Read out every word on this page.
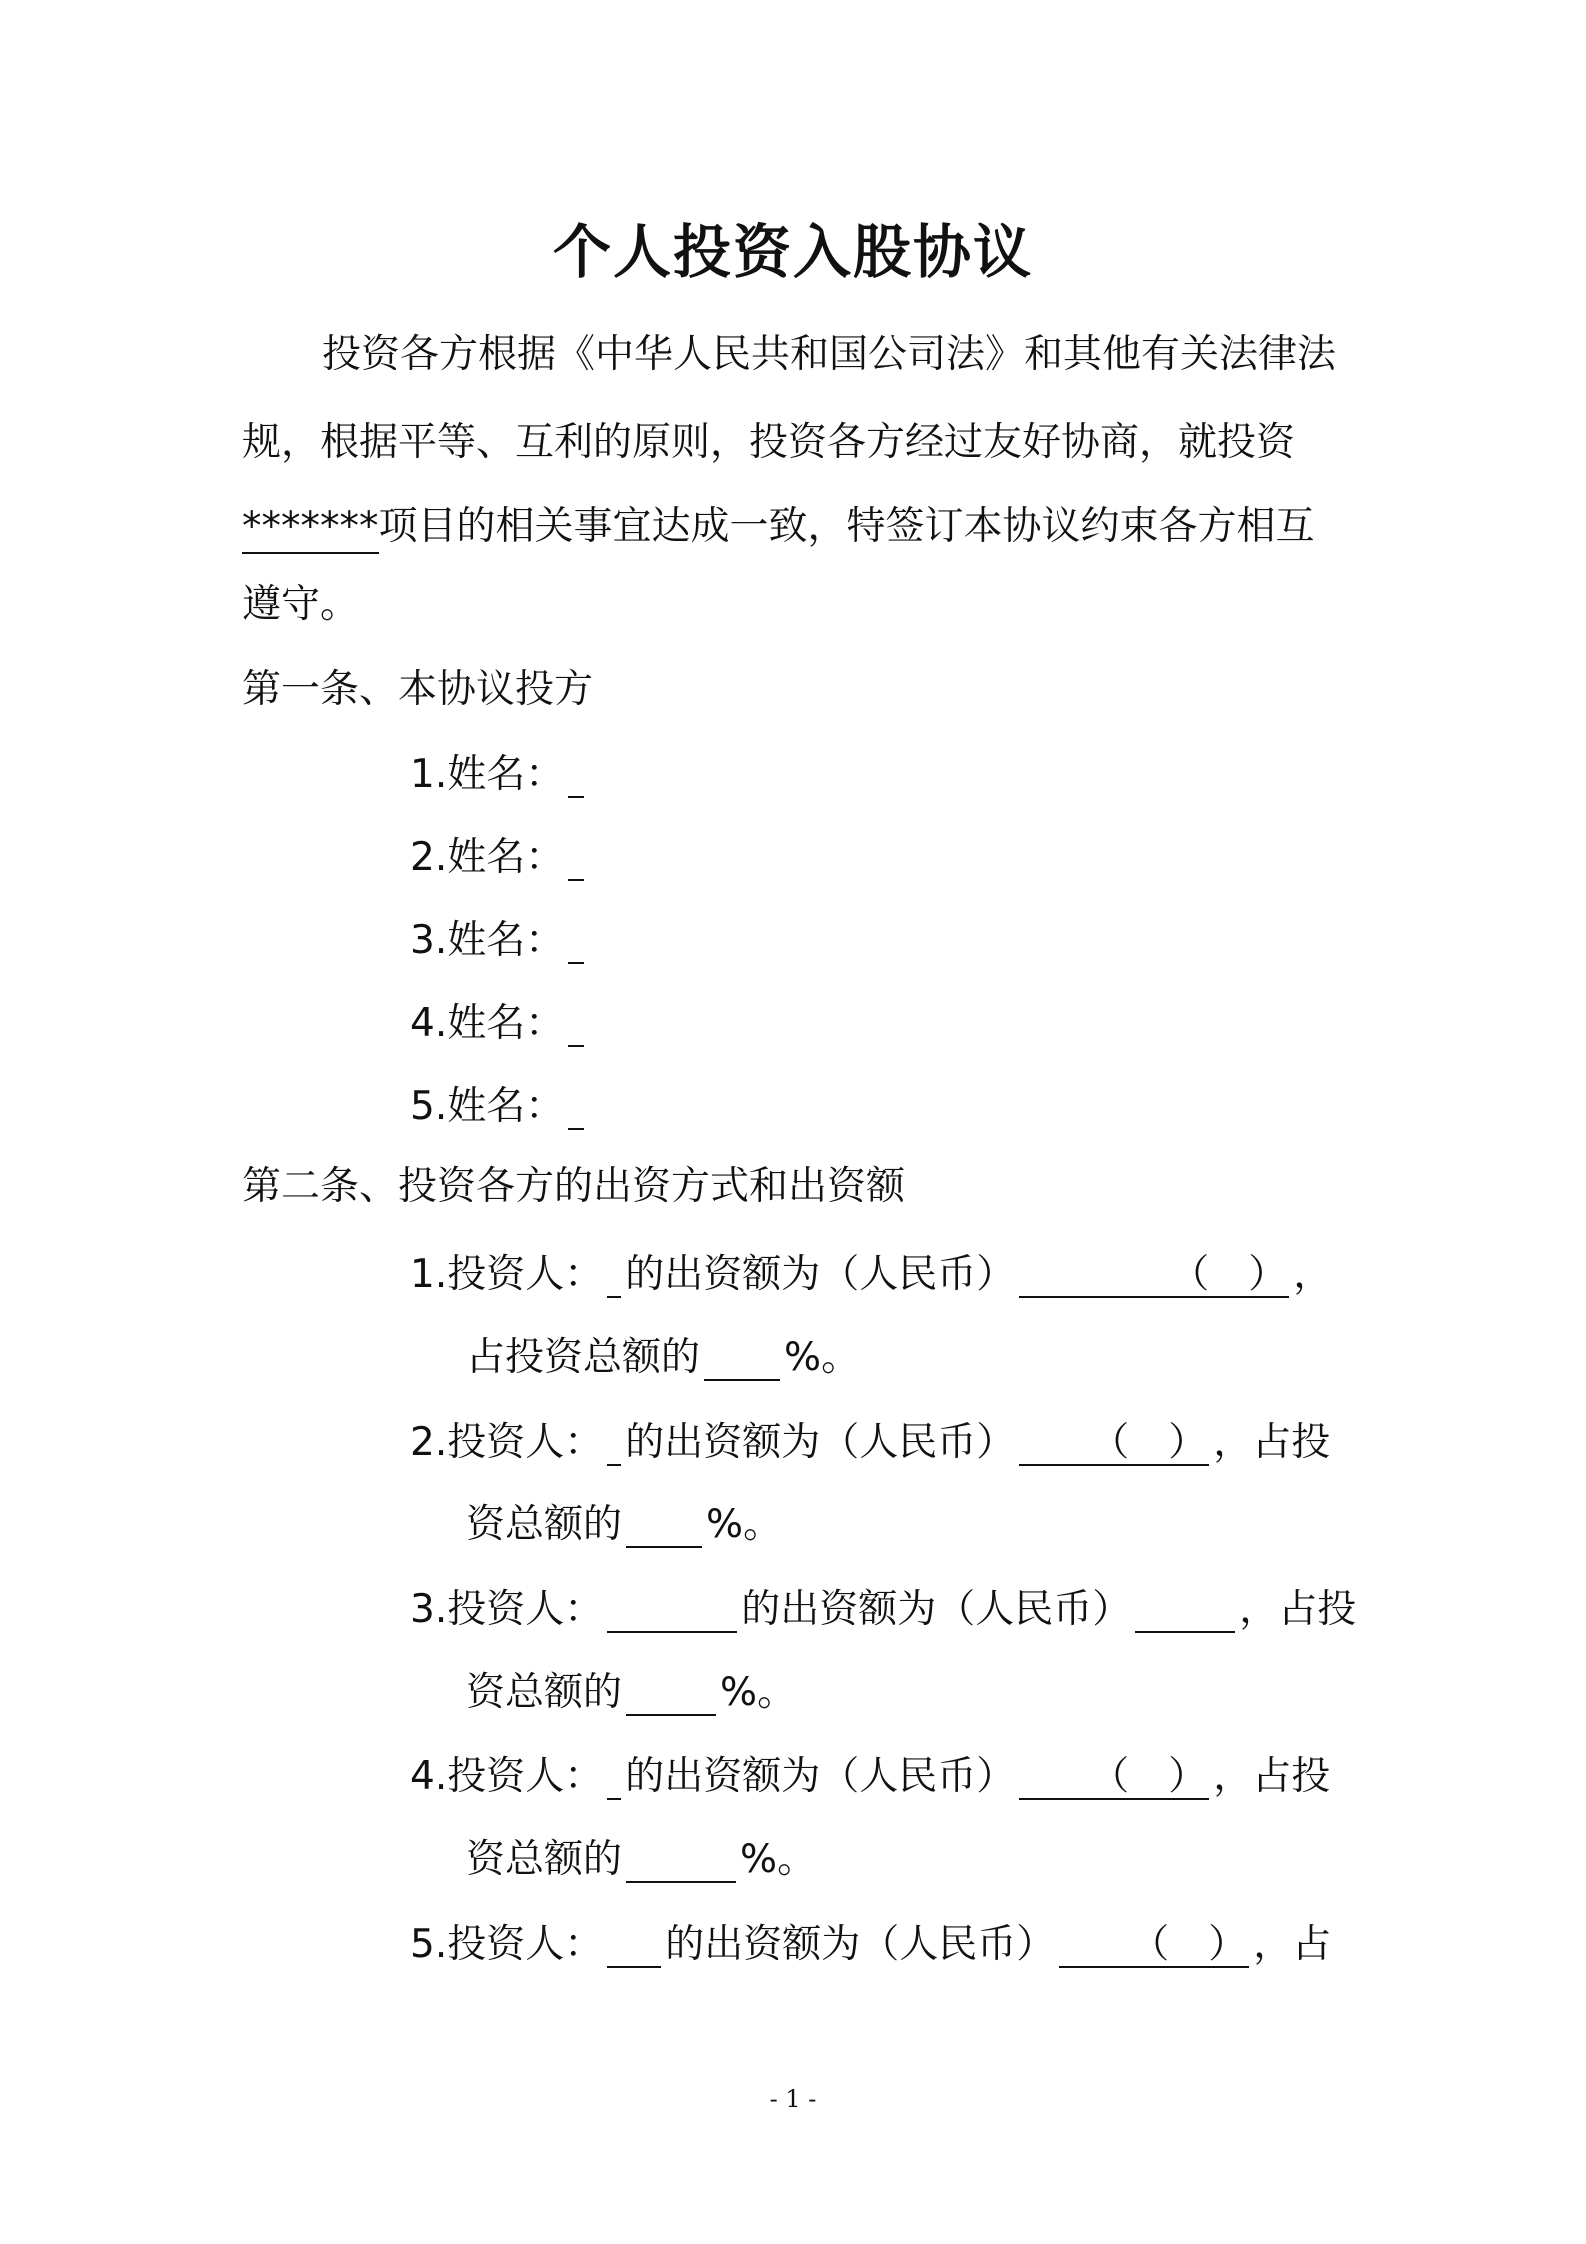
个人投资入股协议
投资各方根据《中华人民共和国公司法》和其他有关法律法
规，根据平等、互利的原则，投资各方经过友好协商，就投资
*******项目的相关事宜达成一致，特签订本协议约束各方相互
遵守。
第一条、本协议投方
1.姓名：
2.姓名：
3.姓名：
4.姓名：
5.姓名：
第二条、投资各方的出资方式和出资额
1.投资人： 的出资额为（人民币）	（　） ，
占投资总额的 %。
2.投资人： 的出资额为（人民币） （　） ，占投
资总额的 %。
3.投资人：	的出资额为（人民币）	，占投
资总额的	%。
4.投资人： 的出资额为（人民币） （　） ，占投
资总额的	%。
5.投资人： 的出资额为（人民币） （　） ，占
- 1 -
